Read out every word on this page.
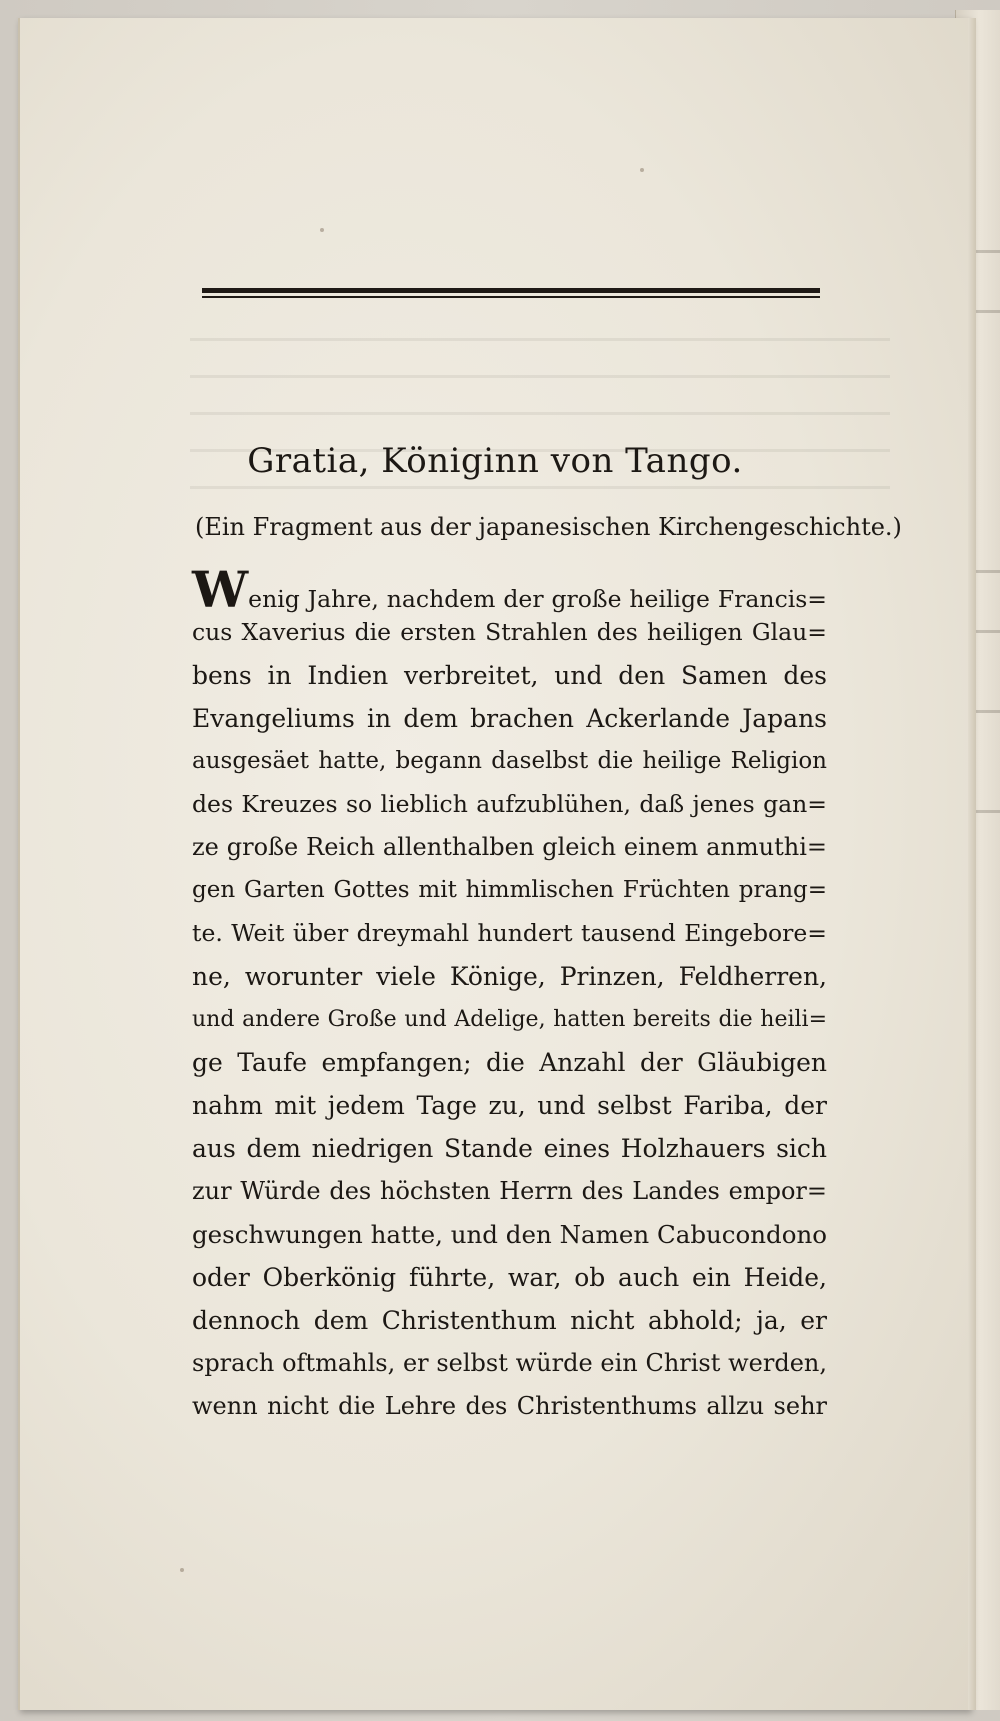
Gratia, Königinn von Tango.

(Ein Fragment aus der japanesischen Kirchengeschichte.)

Wenig Jahre, nachdem der große heilige Francis=
cus Xaverius die ersten Strahlen des heiligen Glau=
bens in Indien verbreitet, und den Samen des
Evangeliums in dem brachen Ackerlande Japans
ausgesäet hatte, begann daselbst die heilige Religion
des Kreuzes so lieblich aufzublühen, daß jenes gan=
ze große Reich allenthalben gleich einem anmuthi=
gen Garten Gottes mit himmlischen Früchten prang=
te. Weit über dreymahl hundert tausend Eingebore=
ne, worunter viele Könige, Prinzen, Feldherren,
und andere Große und Adelige, hatten bereits die heili=
ge Taufe empfangen; die Anzahl der Gläubigen
nahm mit jedem Tage zu, und selbst Fariba, der
aus dem niedrigen Stande eines Holzhauers sich
zur Würde des höchsten Herrn des Landes empor=
geschwungen hatte, und den Namen Cabucondono
oder Oberkönig führte, war, ob auch ein Heide,
dennoch dem Christenthum nicht abhold; ja, er
sprach oftmahls, er selbst würde ein Christ werden,
wenn nicht die Lehre des Christenthums allzu sehr
